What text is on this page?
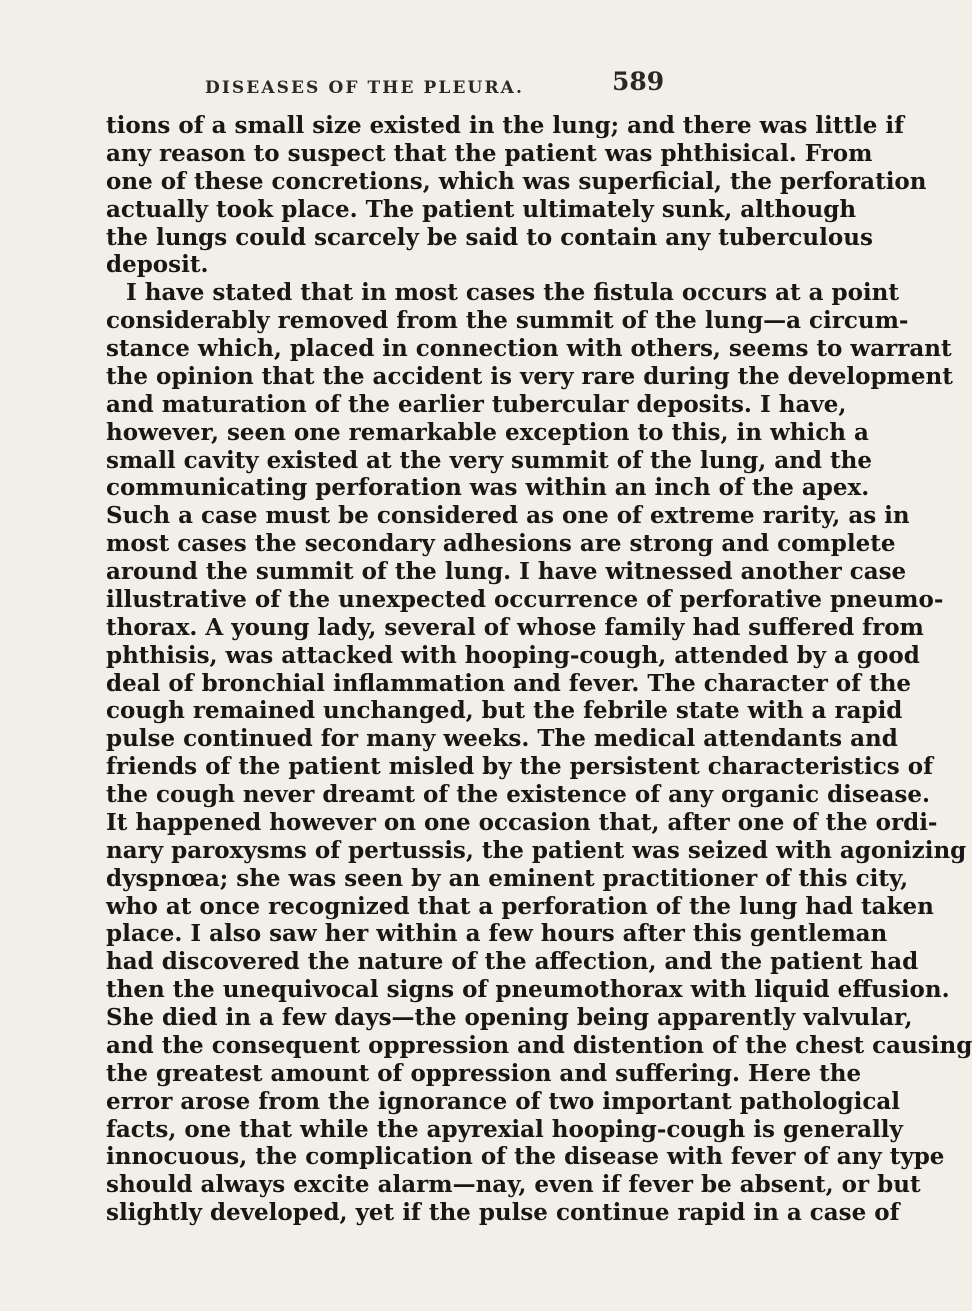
DISEASES OF THE PLEURA.	589
tions of a small size existed in the lung; and there was little if
any reason to suspect that the patient was phthisical. From
one of these concretions, which was superficial, the perforation
actually took place. The patient ultimately sunk, although
the lungs could scarcely be said to contain any tuberculous
deposit.
I have stated that in most cases the fistula occurs at a point
considerably removed from the summit of the lung—a circum-
stance which, placed in connection with others, seems to warrant
the opinion that the accident is very rare during the development
and maturation of the earlier tubercular deposits. I have,
however, seen one remarkable exception to this, in which a
small cavity existed at the very summit of the lung, and the
communicating perforation was within an inch of the apex.
Such a case must be considered as one of extreme rarity, as in
most cases the secondary adhesions are strong and complete
around the summit of the lung. I have witnessed another case
illustrative of the unexpected occurrence of perforative pneumo-
thorax. A young lady, several of whose family had suffered from
phthisis, was attacked with hooping-cough, attended by a good
deal of bronchial inflammation and fever. The character of the
cough remained unchanged, but the febrile state with a rapid
pulse continued for many weeks. The medical attendants and
friends of the patient misled by the persistent characteristics of
the cough never dreamt of the existence of any organic disease.
It happened however on one occasion that, after one of the ordi-
nary paroxysms of pertussis, the patient was seized with agonizing
dyspnœa; she was seen by an eminent practitioner of this city,
who at once recognized that a perforation of the lung had taken
place. I also saw her within a few hours after this gentleman
had discovered the nature of the affection, and the patient had
then the unequivocal signs of pneumothorax with liquid effusion.
She died in a few days—the opening being apparently valvular,
and the consequent oppression and distention of the chest causing
the greatest amount of oppression and suffering. Here the
error arose from the ignorance of two important pathological
facts, one that while the apyrexial hooping-cough is generally
innocuous, the complication of the disease with fever of any type
should always excite alarm—nay, even if fever be absent, or but
slightly developed, yet if the pulse continue rapid in a case of
